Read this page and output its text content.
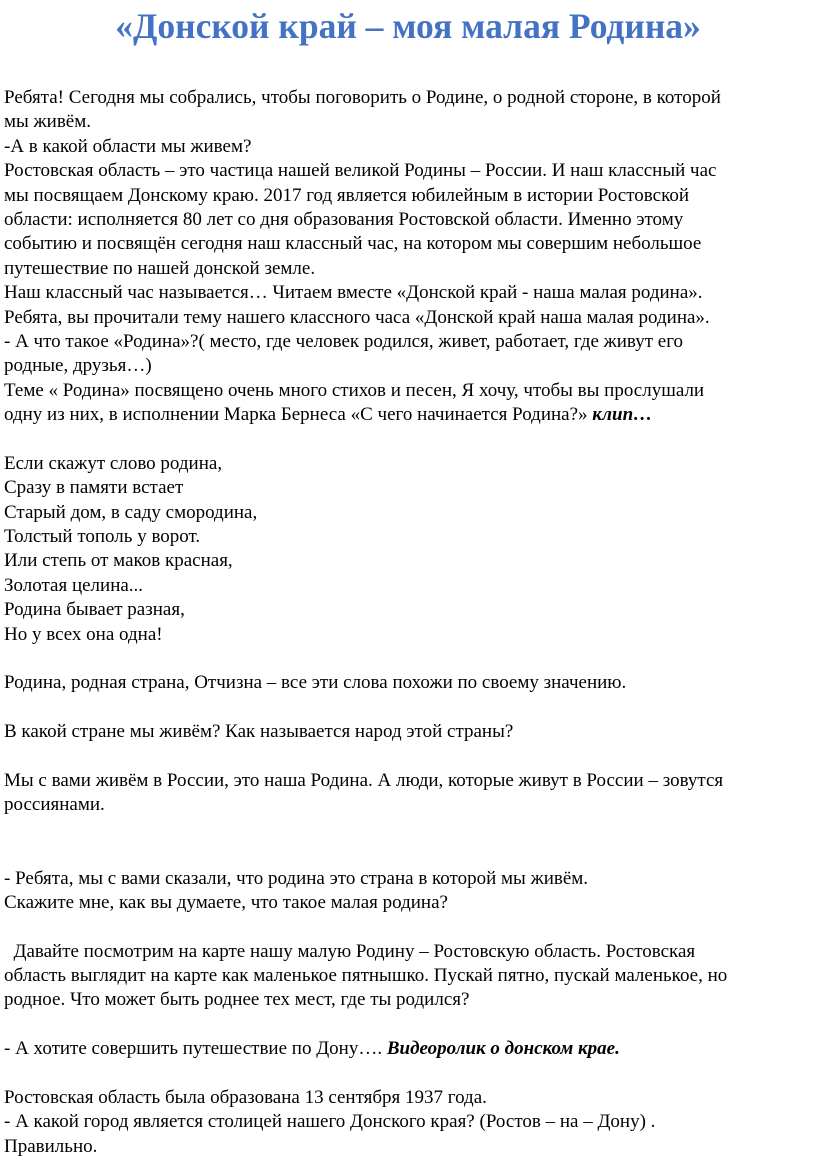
«Донской край – моя малая Родина»
Ребята! Сегодня мы собрались, чтобы поговорить о Родине, о родной стороне, в которой
мы живём.
-А в какой области мы живем?
Ростовская область – это частица нашей великой Родины – России. И наш классный час
мы посвящаем Донскому краю. 2017 год является юбилейным в истории Ростовской
области: исполняется 80 лет со дня образования Ростовской области. Именно этому
событию и посвящён сегодня наш классный час, на котором мы совершим небольшое
путешествие по нашей донской земле.
Наш классный час называется… Читаем вместе «Донской край - наша малая родина».
Ребята, вы прочитали тему нашего классного часа «Донской край наша малая родина».
- А что такое «Родина»?( место, где человек родился, живет, работает, где живут его
родные, друзья…)
Теме « Родина» посвящено очень много стихов и песен, Я хочу, чтобы вы прослушали
одну из них, в исполнении Марка Бернеса «С чего начинается Родина?» клип…
Если скажут слово родина,
Сразу в памяти встает
Старый дом, в саду смородина,
Толстый тополь у ворот.
Или степь от маков красная,
Золотая целина...
Родина бывает разная,
Но у всех она одна!
Родина, родная страна, Отчизна – все эти слова похожи по своему значению.
В какой стране мы живём? Как называется народ этой страны?
Мы с вами живём в России, это наша Родина. А люди, которые живут в России – зовутся
россиянами.
- Ребята, мы с вами сказали, что родина это страна в которой мы живём.
Скажите мне, как вы думаете, что такое малая родина?
Давайте посмотрим на карте нашу малую Родину – Ростовскую область. Ростовская
область выглядит на карте как маленькое пятнышко. Пускай пятно, пускай маленькое, но
родное. Что может быть роднее тех мест, где ты родился?
- А хотите совершить путешествие по Дону…. Видеоролик о донском крае.
Ростовская область была образована 13 сентября 1937 года.
- А какой город является столицей нашего Донского края? (Ростов – на – Дону) .
Правильно.
